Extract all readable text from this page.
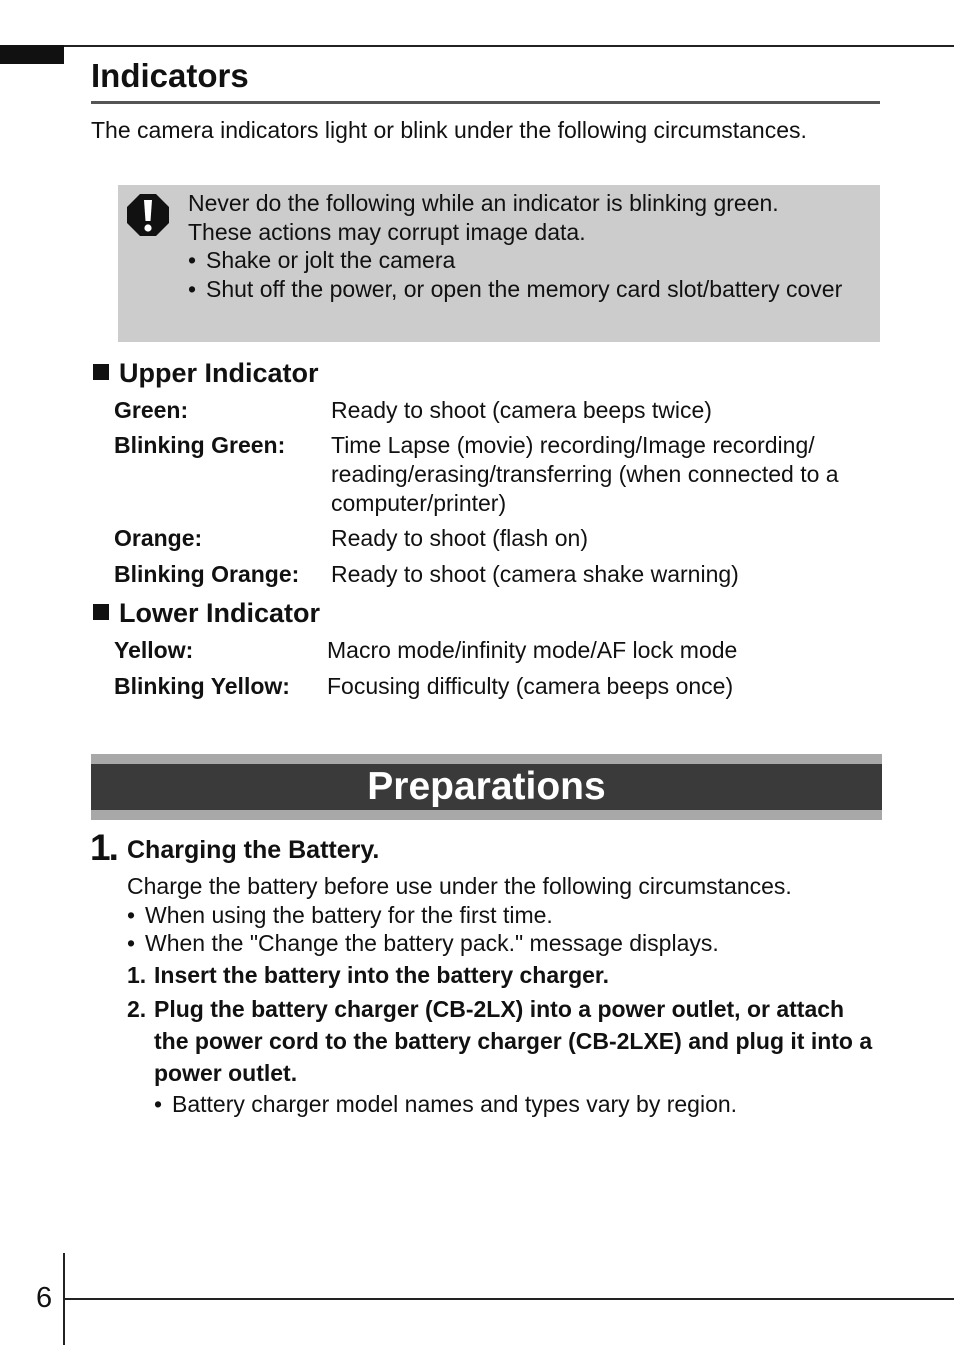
Indicators

The camera indicators light or blink under the following circumstances.

Never do the following while an indicator is blinking green.

These actions may corrupt image data.

• Shake or jolt the camera
• Shut off the power, or open the memory card slot/battery cover
Upper Indicator
Green:	Ready to shoot (camera beeps twice)
Blinking Green: Time Lapse (movie) recording/Image recording/ reading/erasing/transferring (when connected to a computer/printer)
Orange:	Ready to shoot (flash on)
Blinking Orange: Ready to shoot (camera shake warning)
Lower Indicator
Yellow:	Macro mode/infinity mode/AF lock mode
Blinking Yellow: Focusing difficulty (camera beeps once)
Preparations
1. Charging the Battery.

Charge the battery before use under the following circumstances.

• When using the battery for the first time.
• When the "Change the battery pack." message displays.
1. Insert the battery into the battery charger.
2. Plug the battery charger (CB-2LX) into a power outlet, or attach the power cord to the battery charger (CB-2LXE) and plug it into a power outlet.
• Battery charger model names and types vary by region.
6
